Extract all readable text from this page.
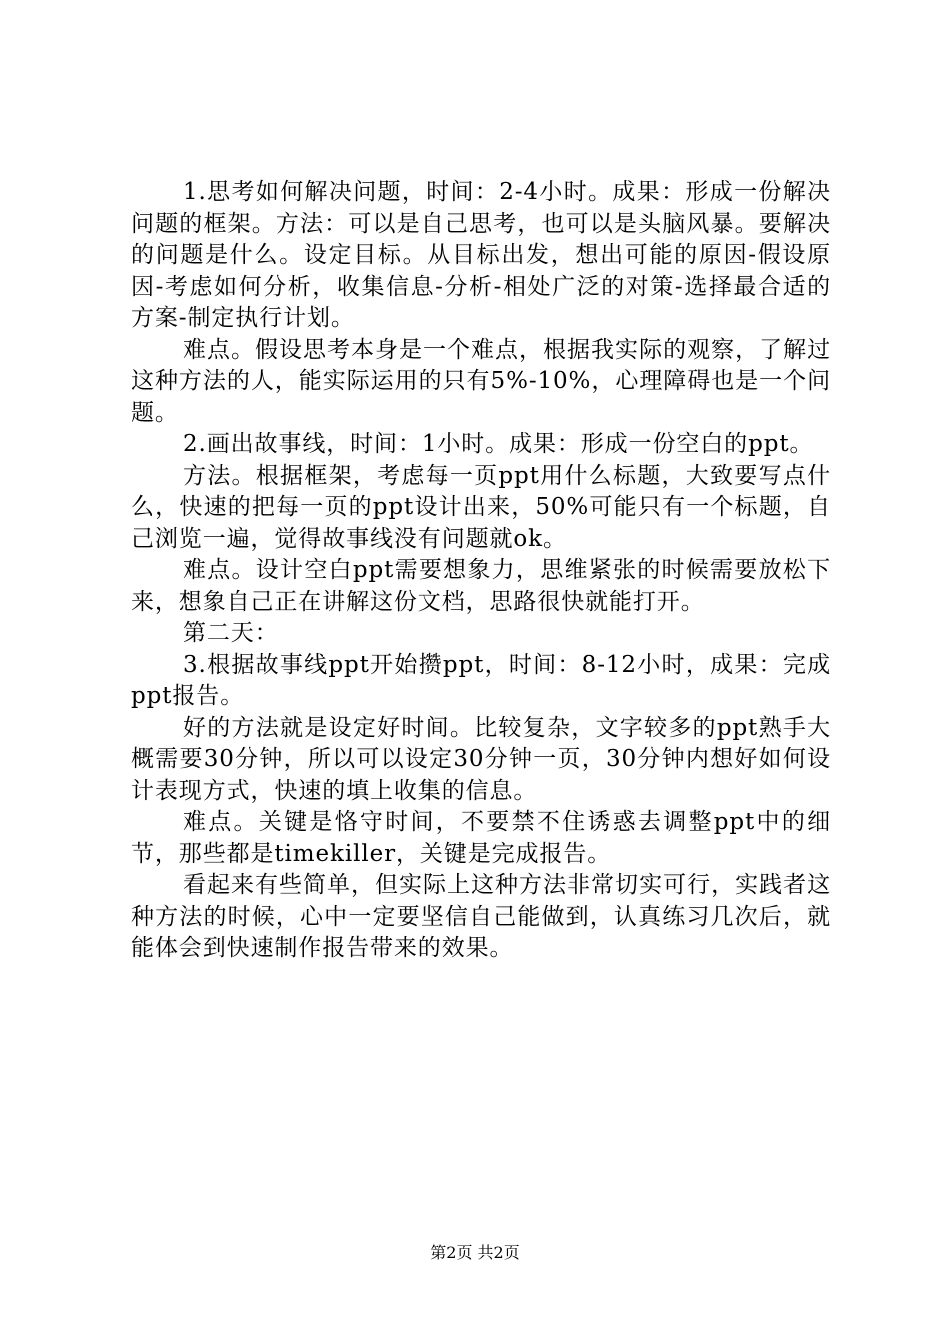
1.思考如何解决问题，时间：2-4小时。成果：形成一份解决问题的框架。方法：可以是自己思考，也可以是头脑风暴。要解决的问题是什么。设定目标。从目标出发，想出可能的原因-假设原因-考虑如何分析，收集信息-分析-相处广泛的对策-选择最合适的方案-制定执行计划。

难点。假设思考本身是一个难点，根据我实际的观察，了解过这种方法的人，能实际运用的只有5%-10%，心理障碍也是一个问题。

2.画出故事线，时间：1小时。成果：形成一份空白的ppt。

方法。根据框架，考虑每一页ppt用什么标题，大致要写点什么，快速的把每一页的ppt设计出来，50%可能只有一个标题，自己浏览一遍，觉得故事线没有问题就ok。

难点。设计空白ppt需要想象力，思维紧张的时候需要放松下来，想象自己正在讲解这份文档，思路很快就能打开。

第二天：

3.根据故事线ppt开始攒ppt，时间：8-12小时，成果：完成ppt报告。

好的方法就是设定好时间。比较复杂，文字较多的ppt熟手大概需要30分钟，所以可以设定30分钟一页，30分钟内想好如何设计表现方式，快速的填上收集的信息。

难点。关键是恪守时间，不要禁不住诱惑去调整ppt中的细节，那些都是timekiller，关键是完成报告。

看起来有些简单，但实际上这种方法非常切实可行，实践者这种方法的时候，心中一定要坚信自己能做到，认真练习几次后，就能体会到快速制作报告带来的效果。

第2页 共2页
